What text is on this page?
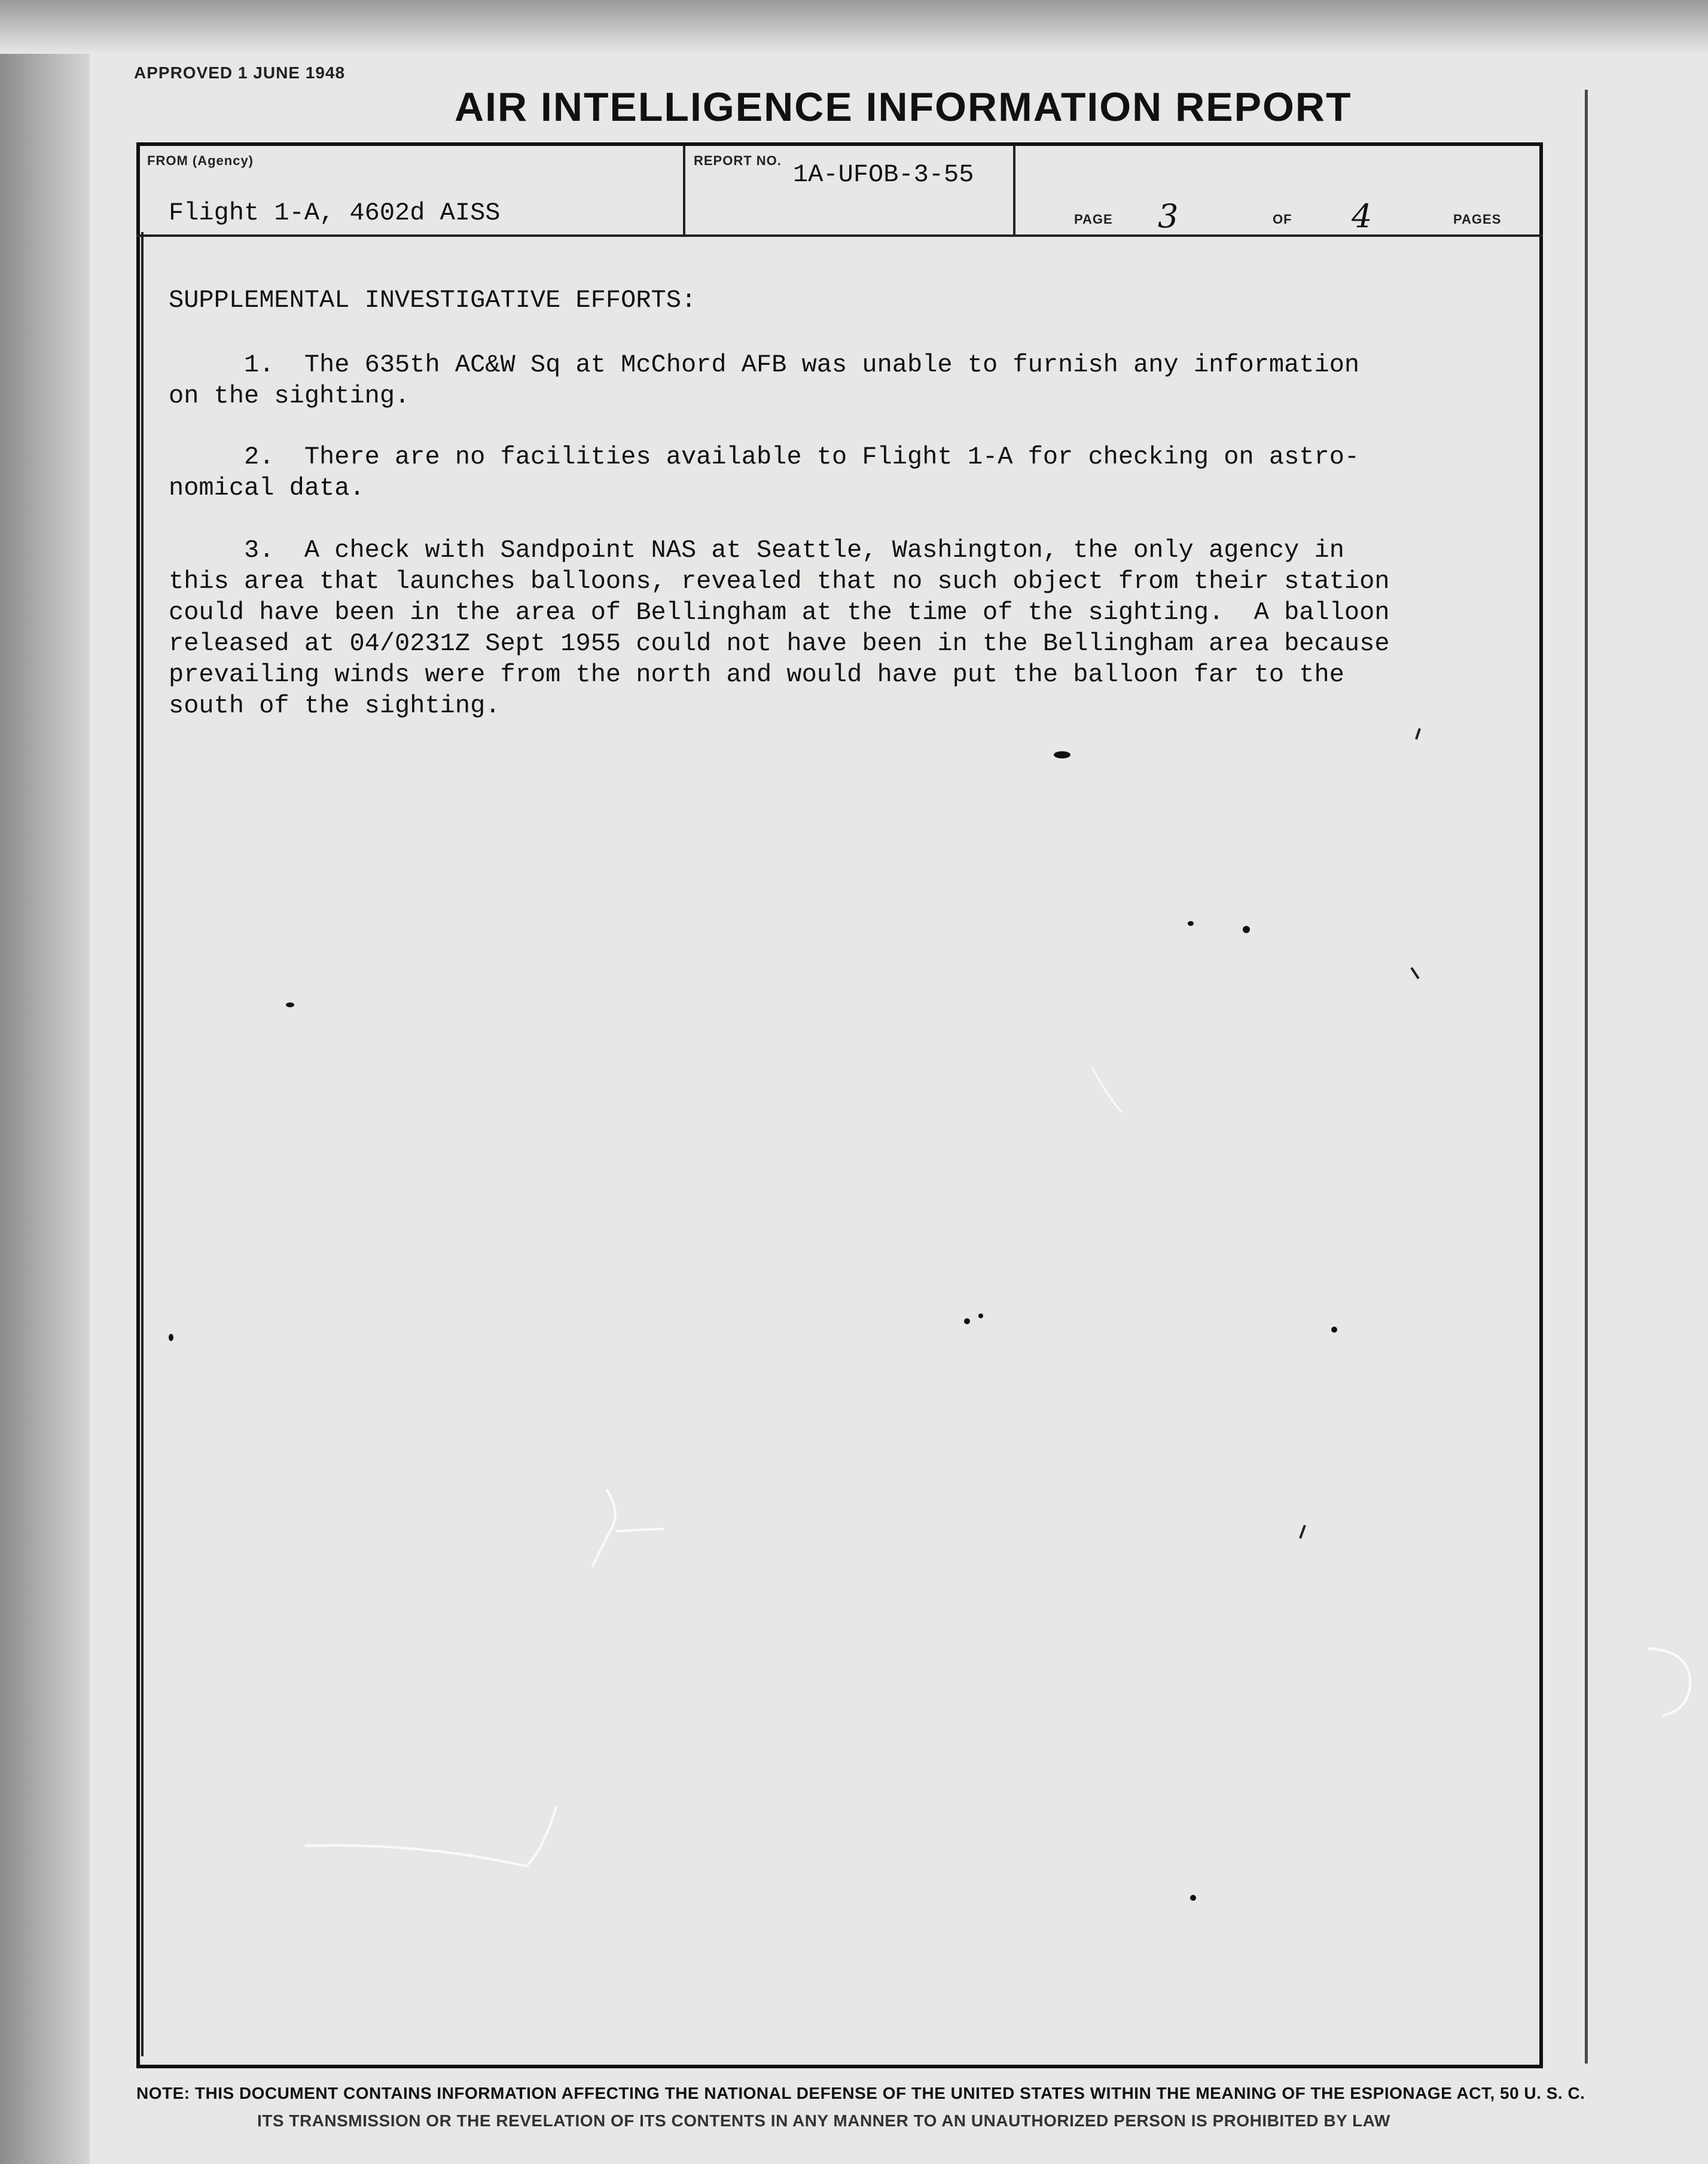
APPROVED 1 JUNE 1948
AIR INTELLIGENCE INFORMATION REPORT
FROM (Agency)
Flight 1-A, 4602d AISS
REPORT NO. 1A-UFOB-3-55
PAGE 3	OF 4	PAGES
SUPPLEMENTAL INVESTIGATIVE EFFORTS:
1.  The 635th AC&W Sq at McChord AFB was unable to furnish any information
on the sighting.
2.  There are no facilities available to Flight 1-A for checking on astro-
nomical data.
3.  A check with Sandpoint NAS at Seattle, Washington, the only agency in
this area that launches balloons, revealed that no such object from their station
could have been in the area of Bellingham at the time of the sighting.  A balloon
released at 04/0231Z Sept 1955 could not have been in the Bellingham area because
prevailing winds were from the north and would have put the balloon far to the
south of the sighting.
NOTE: THIS DOCUMENT CONTAINS INFORMATION AFFECTING THE NATIONAL DEFENSE OF THE UNITED STATES WITHIN THE MEANING OF THE ESPIONAGE ACT, 50 U. S. C.
ITS TRANSMISSION OR THE REVELATION OF ITS CONTENTS IN ANY MANNER TO AN UNAUTHORIZED PERSON IS PROHIBITED BY LAW
